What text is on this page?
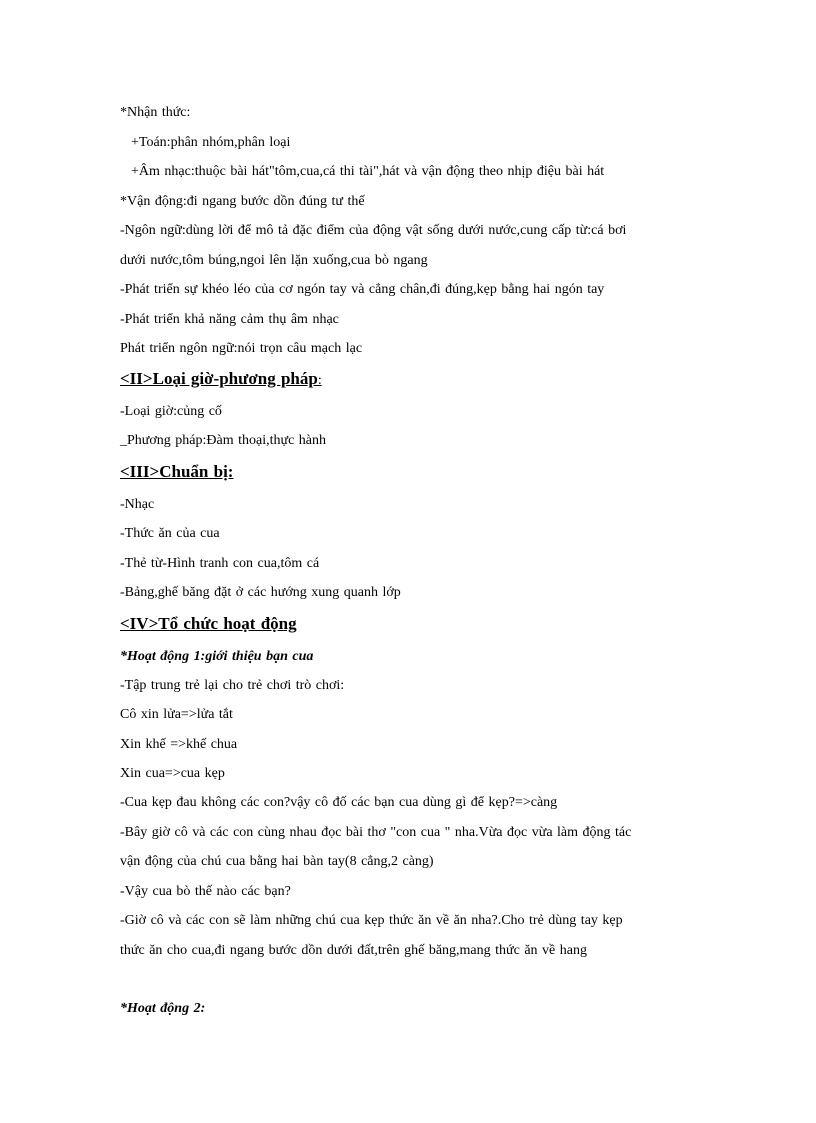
*Nhận thức:
+Toán:phân nhóm,phân loại
+Âm nhạc:thuộc bài hát"tôm,cua,cá thi tài",hát và vận động theo nhịp điệu bài hát
*Vận động:đi ngang bước dồn đúng tư thế
-Ngôn ngữ:dùng lời để mô tả đặc điểm của động vật sống dưới nước,cung cấp từ:cá bơi
dưới nước,tôm búng,ngoi lên lặn xuống,cua bò ngang
-Phát triển sự khéo léo của cơ ngón tay và cẳng chân,đi đúng,kẹp bằng hai ngón tay
-Phát triển khả năng cảm thụ âm nhạc
Phát triển ngôn ngữ:nói trọn câu mạch lạc
<II>Loại giờ-phương pháp:
-Loại giờ:củng cố
_Phương pháp:Đàm thoại,thực hành
<III>Chuẩn bị:
-Nhạc
-Thức ăn của cua
-Thẻ từ-Hình tranh con cua,tôm cá
-Bảng,ghế băng đặt ở các hướng xung quanh lớp
<IV>Tổ chức hoạt động
*Hoạt động 1:giới thiệu bạn cua
-Tập trung trẻ lại cho trẻ chơi trò chơi:
Cô xin lửa=>lửa tắt
Xin khế =>khế chua
Xin cua=>cua kẹp
-Cua kẹp đau không các con?vậy cô đố các bạn cua dùng gì để kẹp?=>càng
-Bây giờ cô và các con cùng nhau đọc bài thơ "con cua " nha.Vừa đọc vừa làm động tác
vận động của chú cua bằng hai bàn tay(8 cẳng,2 càng)
-Vậy cua bò thế nào các bạn?
-Giờ cô và các con sẽ làm những chú cua kẹp thức ăn về ăn nha?.Cho trẻ dùng tay kẹp
thức ăn cho cua,đi ngang bước dồn dưới đất,trên ghế băng,mang thức ăn về hang
*Hoạt động 2:
